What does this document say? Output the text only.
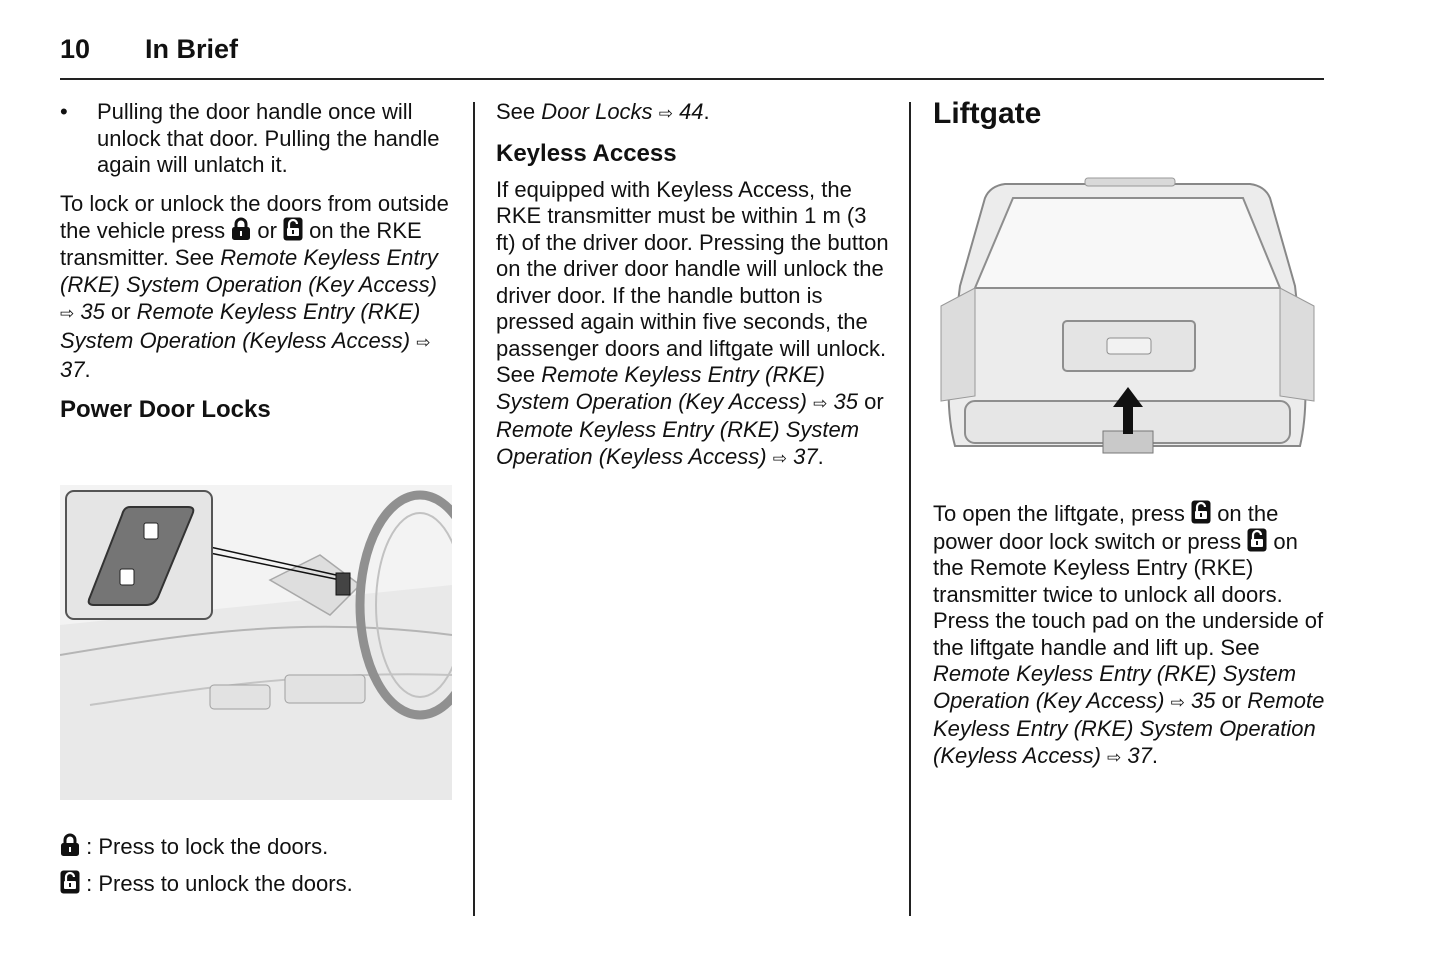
10 In Brief
• Pulling the door handle once will unlock that door. Pulling the handle again will unlatch it.

To lock or unlock the doors from outside the vehicle press or on the RKE transmitter. See Remote Keyless Entry (RKE) System Operation (Key Access) ⇨ 35 or Remote Keyless Entry (RKE) System Operation (Keyless Access) ⇨ 37.

Power Door Locks
: Press to lock the doors.
: Press to unlock the doors.

See Door Locks ⇨ 44.

Keyless Access

If equipped with Keyless Access, the RKE transmitter must be within 1 m (3 ft) of the driver door. Pressing the button on the driver door handle will unlock the driver door. If the handle button is pressed again within five seconds, the passenger doors and liftgate will unlock. See Remote Keyless Entry (RKE) System Operation (Key Access) ⇨ 35 or Remote Keyless Entry (RKE) System Operation (Keyless Access) ⇨ 37.

Liftgate

To open the liftgate, press on the power door lock switch or press on the Remote Keyless Entry (RKE) transmitter twice to unlock all doors. Press the touch pad on the underside of the liftgate handle and lift up. See Remote Keyless Entry (RKE) System Operation (Key Access) ⇨ 35 or Remote Keyless Entry (RKE) System Operation (Keyless Access) ⇨ 37.
